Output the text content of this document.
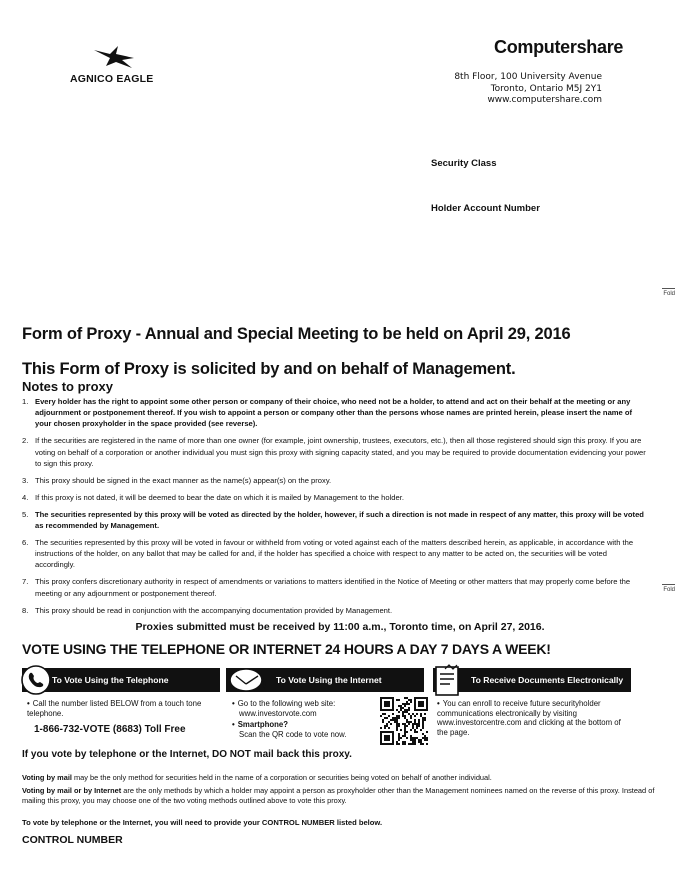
AGNICO EAGLE
Computershare
8th Floor, 100 University Avenue
Toronto, Ontario M5J 2Y1
www.computershare.com
Security Class
Holder Account Number
Fold
Fold
Form of Proxy - Annual and Special Meeting to be held on April 29, 2016
This Form of Proxy is solicited by and on behalf of Management.
Notes to proxy
1. Every holder has the right to appoint some other person or company of their choice, who need not be a holder, to attend and act on their behalf at the meeting or any adjournment or postponement thereof. If you wish to appoint a person or company other than the persons whose names are printed herein, please insert the name of your chosen proxyholder in the space provided (see reverse).
2. If the securities are registered in the name of more than one owner (for example, joint ownership, trustees, executors, etc.), then all those registered should sign this proxy. If you are voting on behalf of a corporation or another individual you must sign this proxy with signing capacity stated, and you may be required to provide documentation evidencing your power to sign this proxy.
3. This proxy should be signed in the exact manner as the name(s) appear(s) on the proxy.
4. If this proxy is not dated, it will be deemed to bear the date on which it is mailed by Management to the holder.
5. The securities represented by this proxy will be voted as directed by the holder, however, if such a direction is not made in respect of any matter, this proxy will be voted as recommended by Management.
6. The securities represented by this proxy will be voted in favour or withheld from voting or voted against each of the matters described herein, as applicable, in accordance with the instructions of the holder, on any ballot that may be called for and, if the holder has specified a choice with respect to any matter to be acted on, the securities will be voted accordingly.
7. This proxy confers discretionary authority in respect of amendments or variations to matters identified in the Notice of Meeting or other matters that may properly come before the meeting or any adjournment or postponement thereof.
8. This proxy should be read in conjunction with the accompanying documentation provided by Management.
Proxies submitted must be received by 11:00 a.m., Toronto time, on April 27, 2016.
VOTE USING THE TELEPHONE OR INTERNET 24 HOURS A DAY 7 DAYS A WEEK!
To Vote Using the Telephone	To Vote Using the Internet	To Receive Documents Electronically
• Call the number listed BELOW from a touch tone telephone.
1-866-732-VOTE (8683) Toll Free
• Go to the following web site:
www.investorvote.com
• Smartphone?
Scan the QR code to vote now.
• You can enroll to receive future securityholder communications electronically by visiting www.investorcentre.com and clicking at the bottom of the page.
If you vote by telephone or the Internet, DO NOT mail back this proxy.
Voting by mail may be the only method for securities held in the name of a corporation or securities being voted on behalf of another individual.
Voting by mail or by Internet are the only methods by which a holder may appoint a person as proxyholder other than the Management nominees named on the reverse of this proxy. Instead of mailing this proxy, you may choose one of the two voting methods outlined above to vote this proxy.
To vote by telephone or the Internet, you will need to provide your CONTROL NUMBER listed below.
CONTROL NUMBER
